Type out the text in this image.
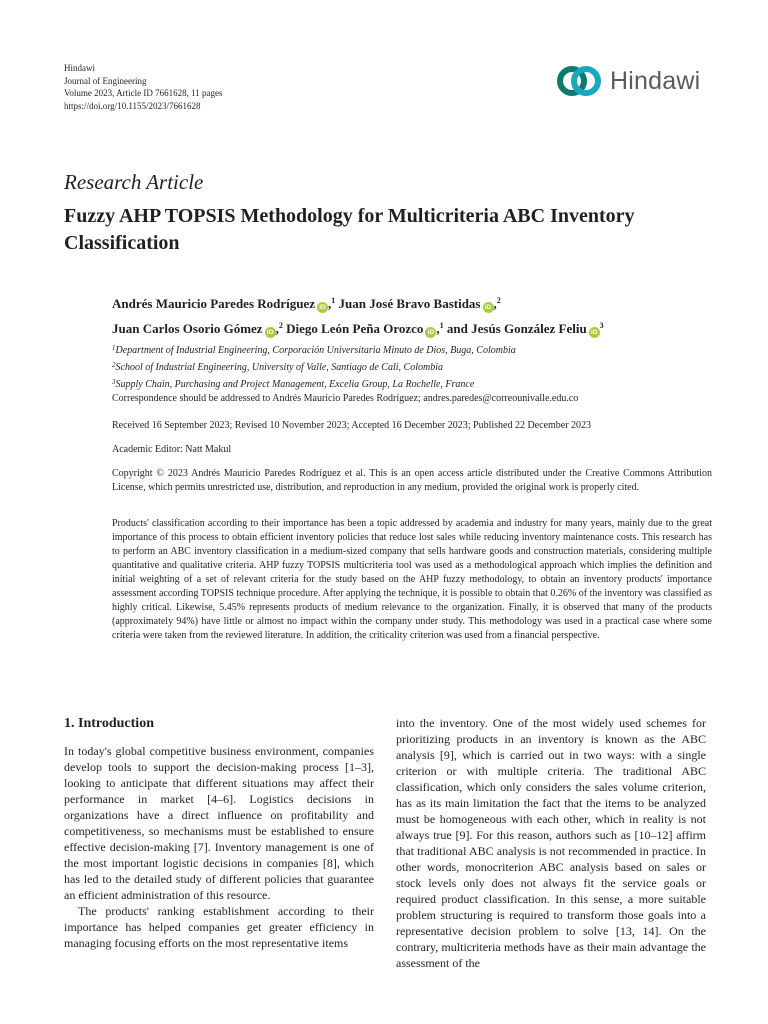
Hindawi
Journal of Engineering
Volume 2023, Article ID 7661628, 11 pages
https://doi.org/10.1155/2023/7661628
Hindawi
Research Article
Fuzzy AHP TOPSIS Methodology for Multicriteria ABC Inventory Classification
Andrés Mauricio Paredes Rodríguez iD ,$^1$ Juan José Bravo Bastidas iD ,$^2$
Juan Carlos Osorio Gómez iD ,$^2$ Diego León Peña Orozco iD ,$^1$ and Jesús González Feliu iD$^3$
$^1$Department of Industrial Engineering, Corporación Universitaria Minuto de Dios, Buga, Colombia
$^2$School of Industrial Engineering, University of Valle, Santiago de Cali, Colombia
$^3$Supply Chain, Purchasing and Project Management, Excelia Group, La Rochelle, France
Correspondence should be addressed to Andrés Mauricio Paredes Rodríguez; andres.paredes@correounivalle.edu.co
Received 16 September 2023; Revised 10 November 2023; Accepted 16 December 2023; Published 22 December 2023
Academic Editor: Natt Makul
Copyright © 2023 Andrés Mauricio Paredes Rodríguez et al. This is an open access article distributed under the Creative Commons Attribution License, which permits unrestricted use, distribution, and reproduction in any medium, provided the original work is properly cited.
Products' classification according to their importance has been a topic addressed by academia and industry for many years, mainly due to the great importance of this process to obtain efficient inventory policies that reduce lost sales while reducing inventory maintenance costs. This research has to perform an ABC inventory classification in a medium-sized company that sells hardware goods and construction materials, considering multiple quantitative and qualitative criteria. AHP fuzzy TOPSIS multicriteria tool was used as a methodological approach which implies the definition and initial weighting of a set of relevant criteria for the study based on the AHP fuzzy methodology, to obtain an inventory products' importance assessment according TOPSIS technique procedure. After applying the technique, it is possible to obtain that 0.26% of the inventory was classified as highly critical. Likewise, 5.45% represents products of medium relevance to the organization. Finally, it is observed that many of the products (approximately 94%) have little or almost no impact within the company under study. This methodology was used in a practical case where some criteria were taken from the reviewed literature. In addition, the criticality criterion was used from a financial perspective.
1. Introduction

In today's global competitive business environment, companies develop tools to support the decision-making process [1–3], looking to anticipate that different situations may affect their performance in market [4–6]. Logistics decisions in organizations have a direct influence on profitability and competitiveness, so mechanisms must be established to ensure effective decision-making [7]. Inventory management is one of the most important logistic decisions in companies [8], which has led to the detailed study of different policies that guarantee an efficient administration of this resource.

The products' ranking establishment according to their importance has helped companies get greater efficiency in managing focusing efforts on the most representative items

into the inventory. One of the most widely used schemes for prioritizing products in an inventory is known as the ABC analysis [9], which is carried out in two ways: with a single criterion or with multiple criteria. The traditional ABC classification, which only considers the sales volume criterion, has as its main limitation the fact that the items to be analyzed must be homogeneous with each other, which in reality is not always true [9]. For this reason, authors such as [10–12] affirm that traditional ABC analysis is not recommended in practice. In other words, monocriterion ABC analysis based on sales or stock levels only does not always fit the service goals or required product classification. In this sense, a more suitable problem structuring is required to transform those goals into a representative decision problem to solve [13, 14]. On the contrary, multicriteria methods have as their main advantage the assessment of the
